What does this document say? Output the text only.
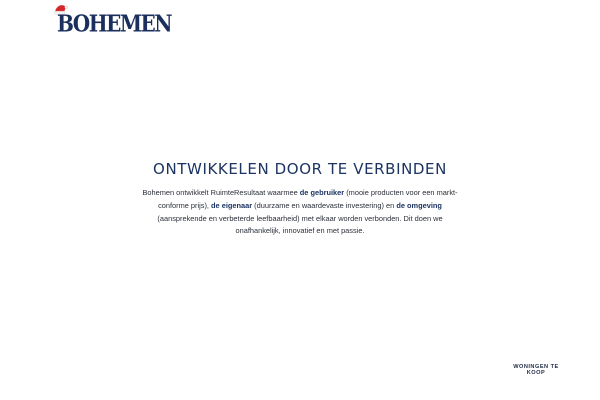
BOHEMEN
ONTWIKKELEN DOOR TE VERBINDEN

Bohemen ontwikkelt RuimteResultaat waarmee de gebruiker (mooie producten voor een markt-conforme prijs), de eigenaar (duurzame en waardevaste investering) en de omgeving (aansprekende en verbeterde leefbaarheid) met elkaar worden verbonden. Dit doen we onafhankelijk, innovatief en met passie.

WONINGEN TE
KOOP
